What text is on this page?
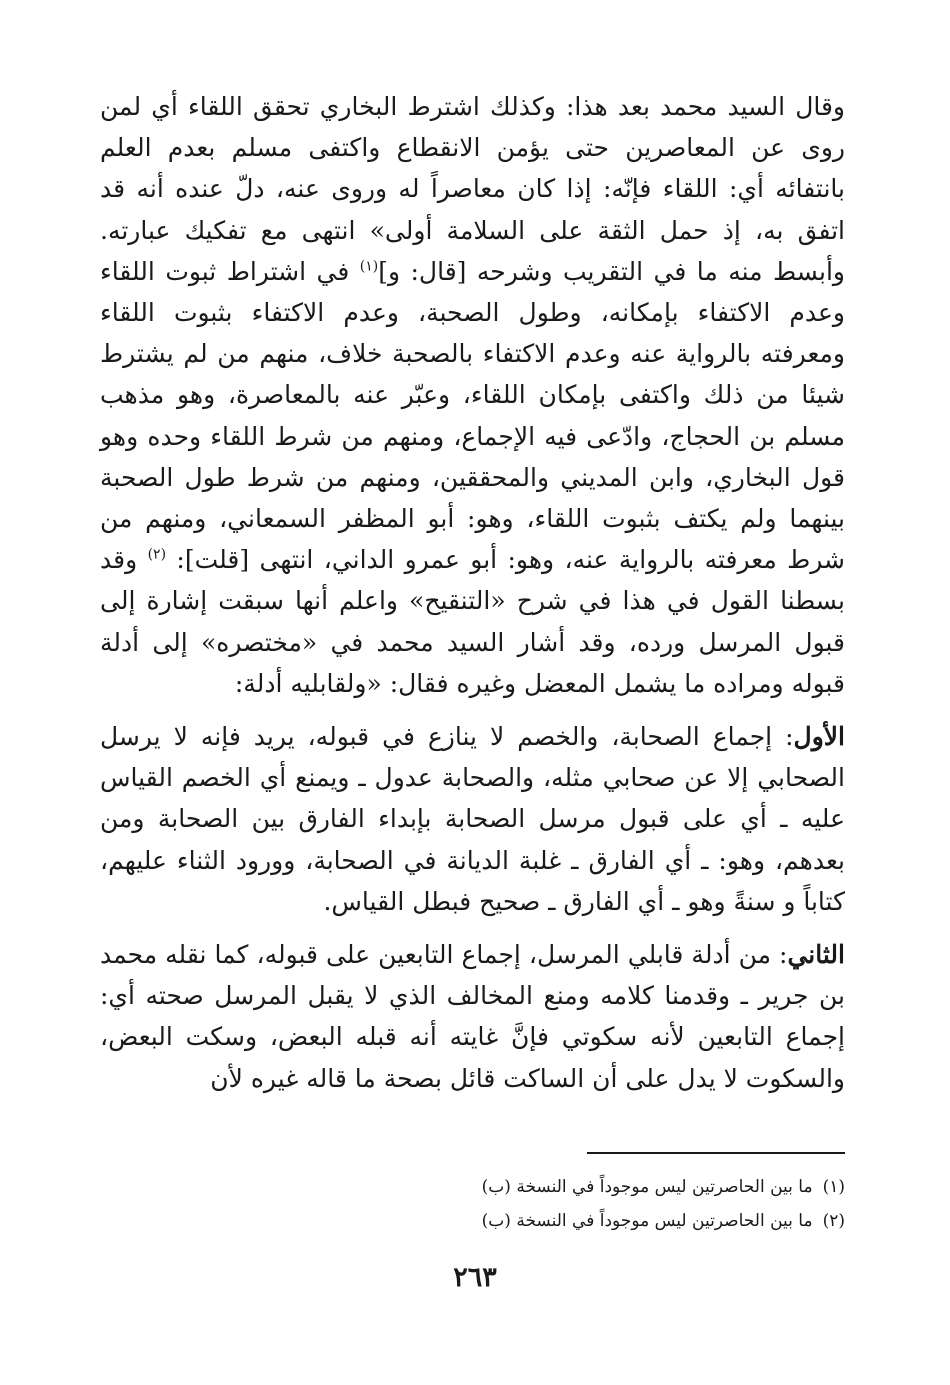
وقال السيد محمد بعد هذا: وكذلك اشترط البخاري تحقق اللقاء أي لمن روى عن المعاصرين حتى يؤمن الانقطاع واكتفى مسلم بعدم العلم بانتفائه أي: اللقاء فإنّه: إذا كان معاصراً له وروى عنه، دلّ عنده أنه قد اتفق به، إذ حمل الثقة على السلامة أولى» انتهى مع تفكيك عبارته. وأبسط منه ما في التقريب وشرحه [قال: و]$^{(١)}$ في اشتراط ثبوت اللقاء وعدم الاكتفاء بإمكانه، وطول الصحبة، وعدم الاكتفاء بثبوت اللقاء ومعرفته بالرواية عنه وعدم الاكتفاء بالصحبة خلاف، منهم من لم يشترط شيئا من ذلك واكتفى بإمكان اللقاء، وعبّر عنه بالمعاصرة، وهو مذهب مسلم بن الحجاج، وادّعى فيه الإجماع، ومنهم من شرط اللقاء وحده وهو قول البخاري، وابن المديني والمحققين، ومنهم من شرط طول الصحبة بينهما ولم يكتف بثبوت اللقاء، وهو: أبو المظفر السمعاني، ومنهم من شرط معرفته بالرواية عنه، وهو: أبو عمرو الداني، انتهى [قلت]: $^{(٢)}$ وقد بسطنا القول في هذا في شرح «التنقيح» واعلم أنها سبقت إشارة إلى قبول المرسل ورده، وقد أشار السيد محمد في «مختصره» إلى أدلة قبوله ومراده ما يشمل المعضل وغيره فقال: «ولقابليه أدلة:

الأول: إجماع الصحابة، والخصم لا ينازع في قبوله، يريد فإنه لا يرسل الصحابي إلا عن صحابي مثله، والصحابة عدول ـ ويمنع أي الخصم القياس عليه ـ أي على قبول مرسل الصحابة بإبداء الفارق بين الصحابة ومن بعدهم، وهو: ـ أي الفارق ـ غلبة الديانة في الصحابة، وورود الثناء عليهم، كتاباً و سنةً وهو ـ أي الفارق ـ صحيح فبطل القياس.

الثاني: من أدلة قابلي المرسل، إجماع التابعين على قبوله، كما نقله محمد بن جرير ـ وقدمنا كلامه ومنع المخالف الذي لا يقبل المرسل صحته أي: إجماع التابعين لأنه سكوتي فإنَّ غايته أنه قبله البعض، وسكت البعض، والسكوت لا يدل على أن الساكت قائل بصحة ما قاله غيره لأن

(١)ما بين الحاصرتين ليس موجوداً في النسخة (ب)
(٢)ما بين الحاصرتين ليس موجوداً في النسخة (ب)
٢٦٣
